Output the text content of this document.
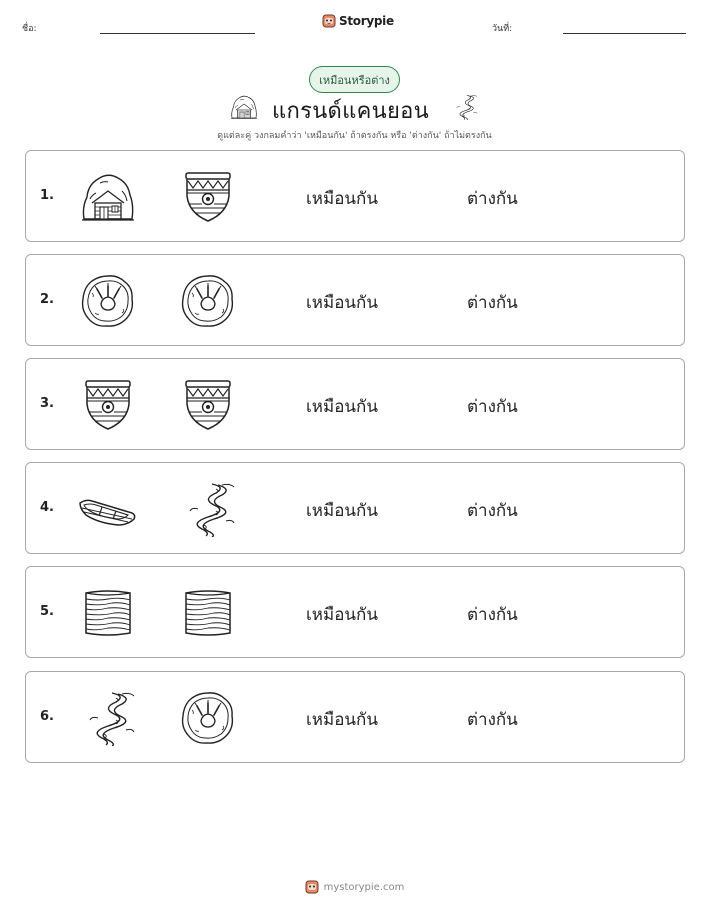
ชื่อ:
Storypie
วันที่:
เหมือนหรือต่าง
แกรนด์แคนยอน
ดูแต่ละคู่ วงกลมคำว่า 'เหมือนกัน' ถ้าตรงกัน หรือ 'ต่างกัน' ถ้าไม่ตรงกัน
1.	เหมือนกัน	ต่างกัน
2.	เหมือนกัน	ต่างกัน
3.	เหมือนกัน	ต่างกัน
4.	เหมือนกัน	ต่างกัน
5.	เหมือนกัน	ต่างกัน
6.	เหมือนกัน	ต่างกัน
mystorypie.com
